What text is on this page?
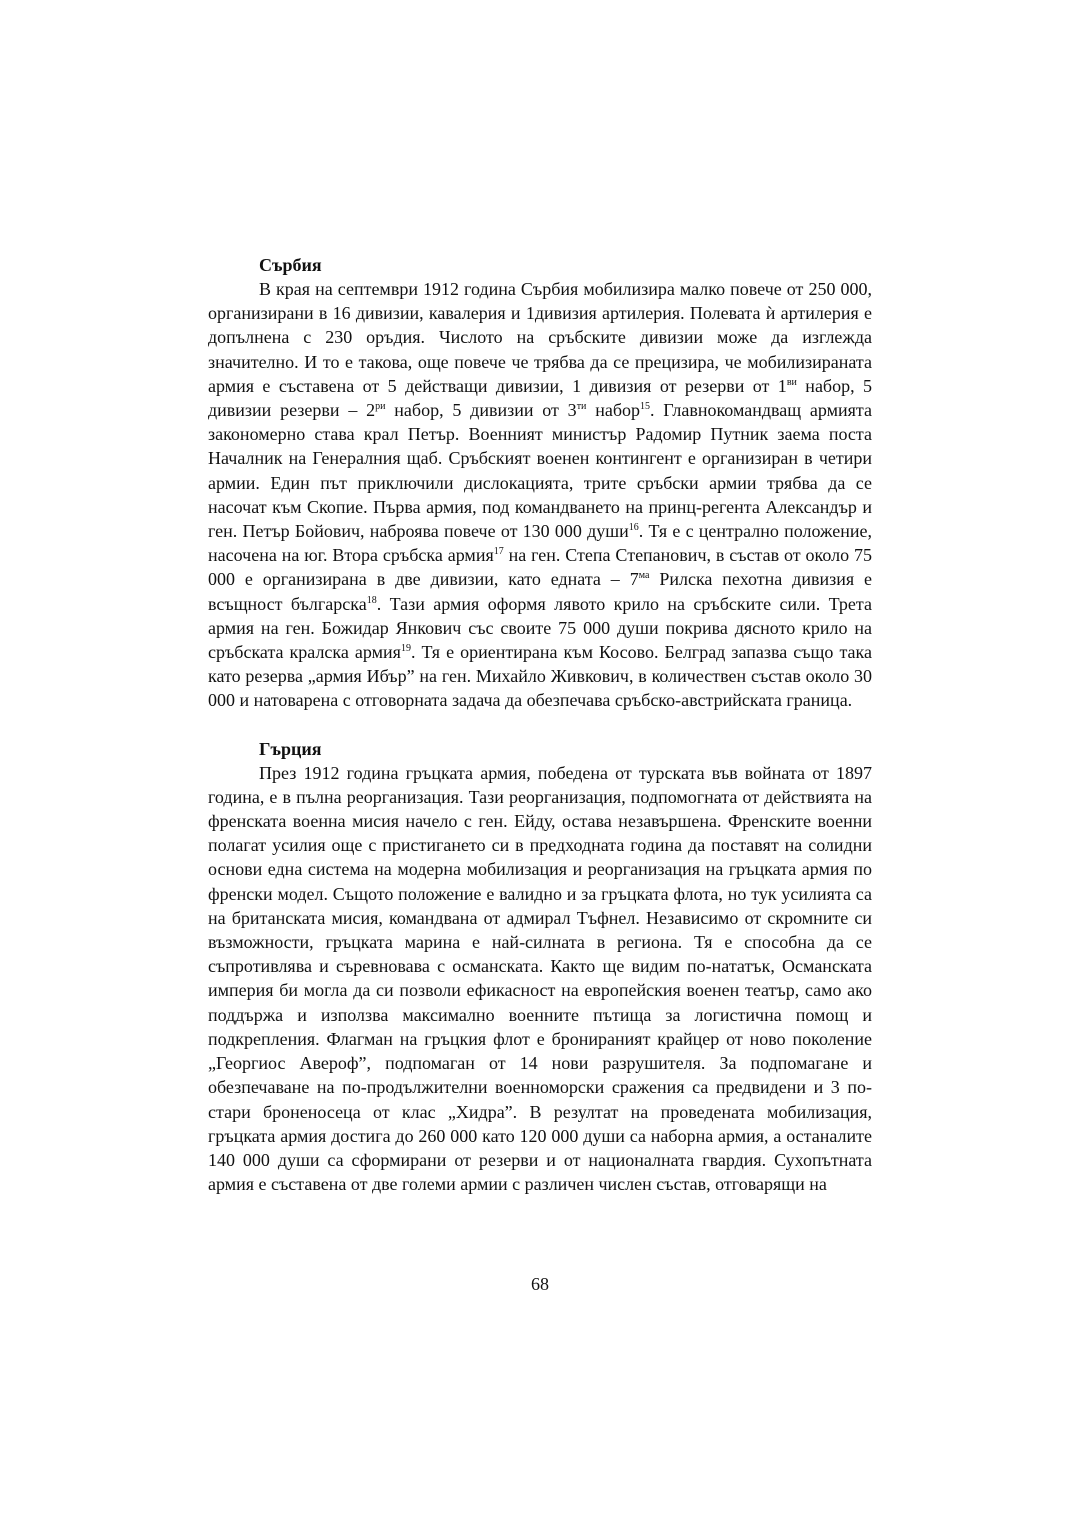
Сърбия

В края на септември 1912 година Сърбия мобилизира малко повече от 250 000, организирани в 16 дивизии, кавалерия и 1дивизия артилерия. Полевата ѝ артилерия е допълнена с 230 оръдия. Числото на сръбските дивизии може да изглежда значително. И то е такова, още повече че трябва да се прецизира, че мобилизираната армия е съставена от 5 действащи дивизии, 1 дивизия от резерви от $1^{ви}$ набор, 5 дивизии резерви – $2^{ри}$ набор, 5 дивизии от $3^{ти}$ набор$^{15}$. Главнокомандващ армията закономерно става крал Петър. Военният министър Радомир Путник заема поста Началник на Генералния щаб. Сръбският военен контингент е организиран в четири армии. Един път приключили дислокацията, трите сръбски армии трябва да се насочат към Скопие. Първа армия, под командването на принц-регента Александър и ген. Петър Бойович, наброява повече от 130 000 души$^{16}$. Тя е с централно положение, насочена на юг. Втора сръбска армия$^{17}$ на ген. Степа Степанович, в състав от около 75 000 е организирана в две дивизии, като едната – $7^{ма}$ Рилска пехотна дивизия е всъщност българска$^{18}$. Тази армия оформя лявото крило на сръбските сили. Трета армия на ген. Божидар Янкович със своите 75 000 души покрива дясното крило на сръбската кралска армия$^{19}$. Тя е ориентирана към Косово. Белград запазва също така като резерва „армия Ибър” на ген. Михайло Живкович, в количествен състав около 30 000 и натоварена с отговорната задача да обезпечава сръбско-австрийската граница.

Гърция

През 1912 година гръцката армия, победена от турската във войната от 1897 година, е в пълна реорганизация. Тази реорганизация, подпомогната от действията на френската военна мисия начело с ген. Ейду, остава незавършена. Френските военни полагат усилия още с пристигането си в предходната година да поставят на солидни основи една система на модерна мобилизация и реорганизация на гръцката армия по френски модел. Същото положение е валидно и за гръцката флота, но тук усилията са на британската мисия, командвана от адмирал Тъфнел. Независимо от скромните си възможности, гръцката марина е най-силната в региона. Тя е способна да се съпротивлява и съревновава с османската. Както ще видим по-нататък, Османската империя би могла да си позволи ефикасност на европейския военен театър, само ако поддържа и използва максимално военните пътища за логистична помощ и подкрепления. Флагман на гръцкия флот е бронираният крайцер от ново поколение „Георгиос Авероф”, подпомаган от 14 нови разрушителя. За подпомагане и обезпечаване на по-продължителни военноморски сражения са предвидени и 3 по-стари броненосеца от клас „Хидра”. В резултат на проведената мобилизация, гръцката армия достига до 260 000 като 120 000 души са наборна армия, а останалите 140 000 души са сформирани от резерви и от националната гвардия. Сухопътната армия е съставена от две големи армии с различен числен състав, отговарящи на

68
